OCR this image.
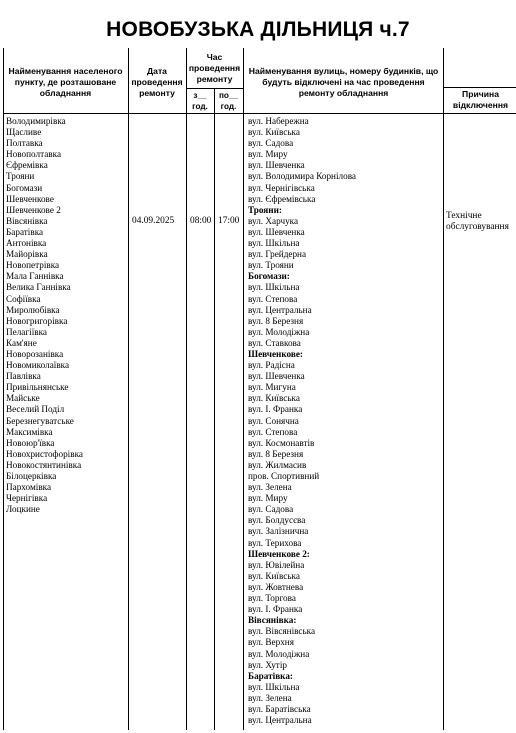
НОВОБУЗЬКА ДІЛЬНИЦЯ ч.7
Найменування населеного пункту, де розташоване обладнання
Дата проведення ремонту
Час проведення ремонту
з__ год.
по__ год.
Найменування вулиць, номеру будинків, що будуть відключені на час проведення ремонту обладнання	Причина відключення
Володимирівка
Щасливе
Полтавка
Новополтавка
Єфремівка
Трояни
Богомази
Шевченкове
Шевченкове 2
Вівсянівка
Баратівка
Антонівка
Майорівка
Новопетрівка
Мала Ганнівка
Велика Ганнівка
Софіївка
Миролюбівка
Новогригорівка
Пелагіївка
Кам'яне
Новорозанівка
Новомиколаївка
Павлівка
Привільнянське
Майське
Веселий Поділ
Березнегуватське
Максимівка
Новоюр'ївка
Новохристофорівка
Новокостянтинівка
Білоцерківка
Пархомівка
Чернігівка
Лоцкине
04.09.2025 08:00 17:00	Технічне обслуговування
вул. Набережна
вул. Київська
вул. Садова
вул. Миру
вул. Шевченка
вул. Володимира Корнілова
вул. Чернігівська
вул. Єфремівська
Трояни:
вул. Харчука
вул. Шевченка
вул. Шкільна
вул. Грейдерна
вул. Трояни
Богомази:
вул. Шкільна
вул. Степова
вул. Центральна
вул. 8 Березня
вул. Молодіжна
вул. Ставкова
Шевченкове:
вул. Радісна
вул. Шевченка
вул. Мигуна
вул. Київська
вул. І. Франка
вул. Сонячна
вул. Степова
вул. Космонавтів
вул. 8 Березня
вул. Жилмасив
пров. Спортивний
вул. Зелена
вул. Миру
вул. Садова
вул. Болдусєва
вул. Залізнична
вул. Терихова
Шевченкове 2:
вул. Ювілейна
вул. Київська
вул. Жовтнева
вул. Торгова
вул. І. Франка
Вівсянівка:
вул. Вівсянівська
вул. Верхня
вул. Молодіжна
вул. Хутір
Баратівка:
вул. Шкільна
вул. Зелена
вул. Баратівська
вул. Центральна
